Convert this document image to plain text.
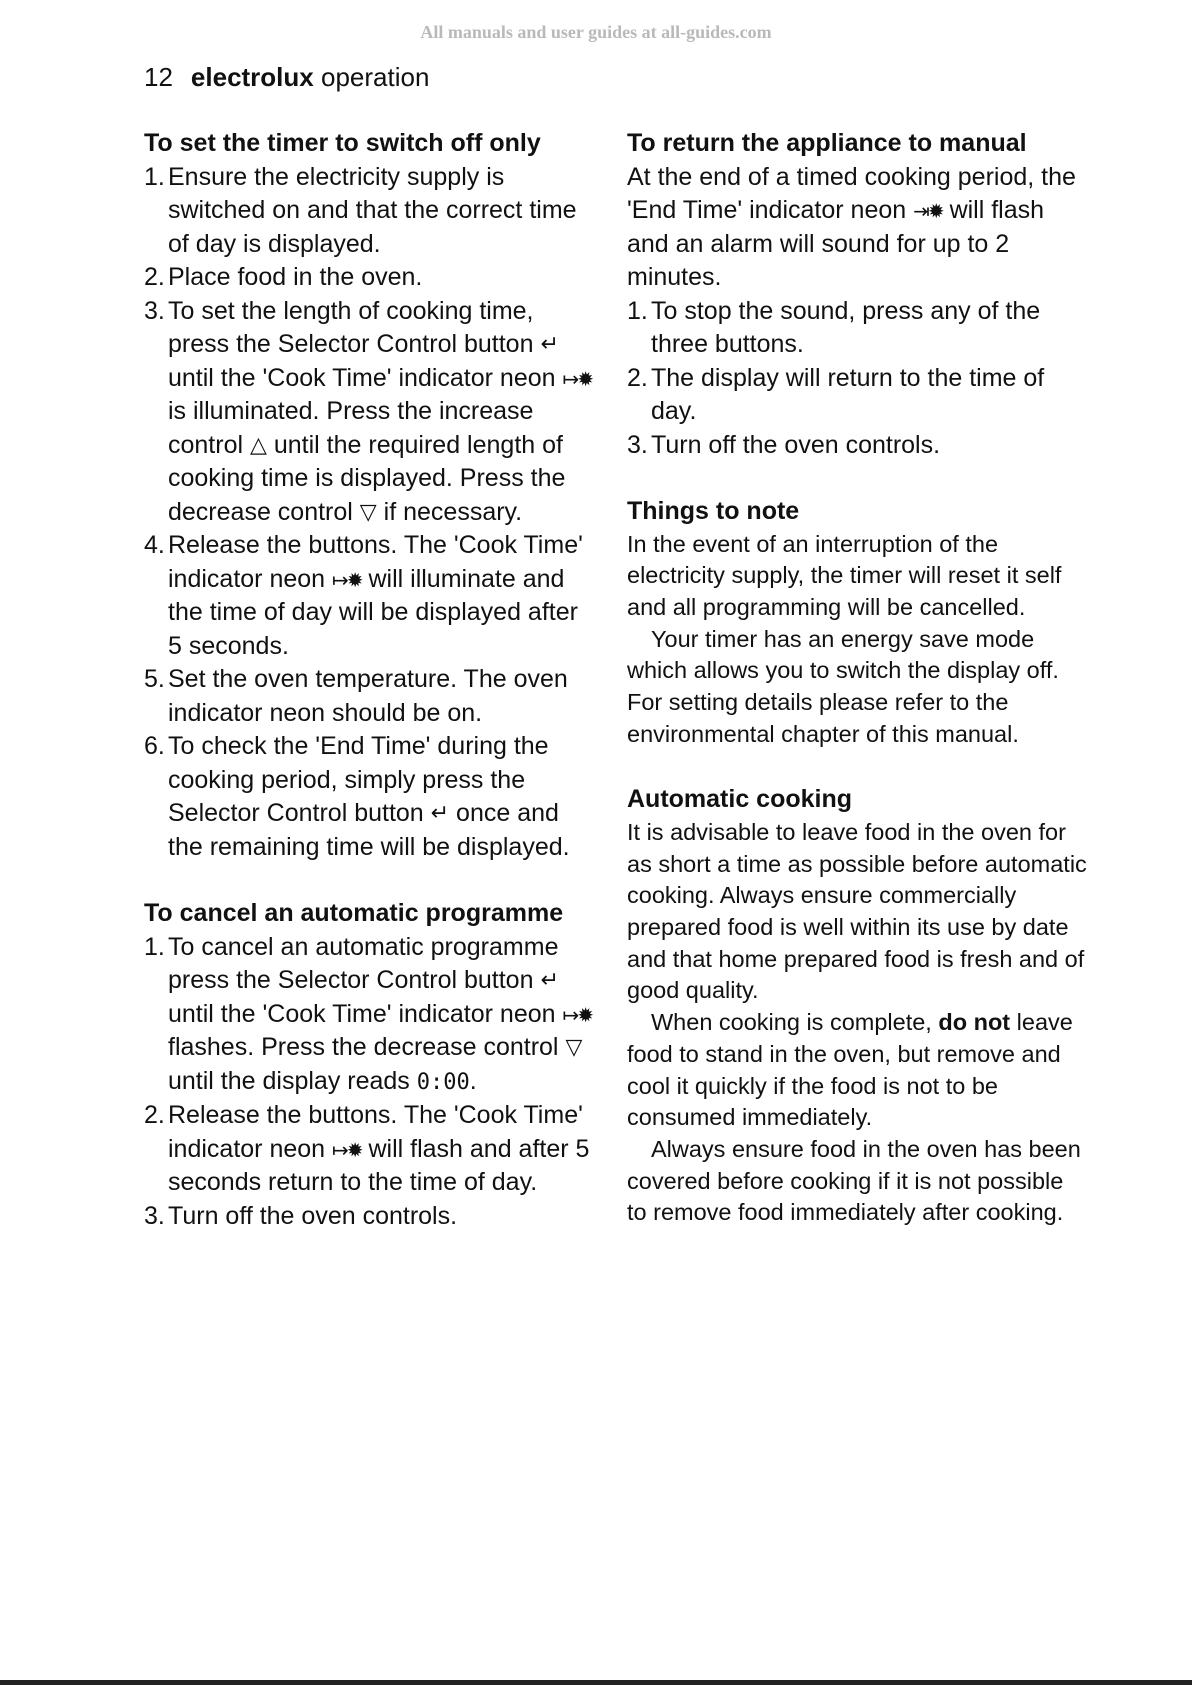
All manuals and user guides at all-guides.com
12 electrolux operation
To set the timer to switch off only
1. Ensure the electricity supply is switched on and that the correct time of day is displayed.
2. Place food in the oven.
3. To set the length of cooking time, press the Selector Control button ↵ until the 'Cook Time' indicator neon ↦✹ is illuminated. Press the increase control △ until the required length of cooking time is displayed. Press the decrease control ▽ if necessary.
4. Release the buttons. The 'Cook Time' indicator neon ↦✹ will illuminate and the time of day will be displayed after 5 seconds.
5. Set the oven temperature. The oven indicator neon should be on.
6. To check the 'End Time' during the cooking period, simply press the Selector Control button ↵ once and the remaining time will be displayed.
To cancel an automatic programme
1. To cancel an automatic programme press the Selector Control button ↵ until the 'Cook Time' indicator neon ↦✹ flashes. Press the decrease control ▽ until the display reads 0:00.
2. Release the buttons. The 'Cook Time' indicator neon ↦✹ will flash and after 5 seconds return to the time of day.
3. Turn off the oven controls.
To return the appliance to manual

At the end of a timed cooking period, the 'End Time' indicator neon ⇥✹ will flash and an alarm will sound for up to 2 minutes.

1. To stop the sound, press any of the three buttons.
2. The display will return to the time of day.
3. Turn off the oven controls.
Things to note

In the event of an interruption of the electricity supply, the timer will reset it self and all programming will be cancelled.

Your timer has an energy save mode which allows you to switch the display off. For setting details please refer to the environmental chapter of this manual.

Automatic cooking

It is advisable to leave food in the oven for as short a time as possible before automatic cooking. Always ensure commercially prepared food is well within its use by date and that home prepared food is fresh and of good quality.

When cooking is complete, do not leave food to stand in the oven, but remove and cool it quickly if the food is not to be consumed immediately.

Always ensure food in the oven has been covered before cooking if it is not possible to remove food immediately after cooking.
